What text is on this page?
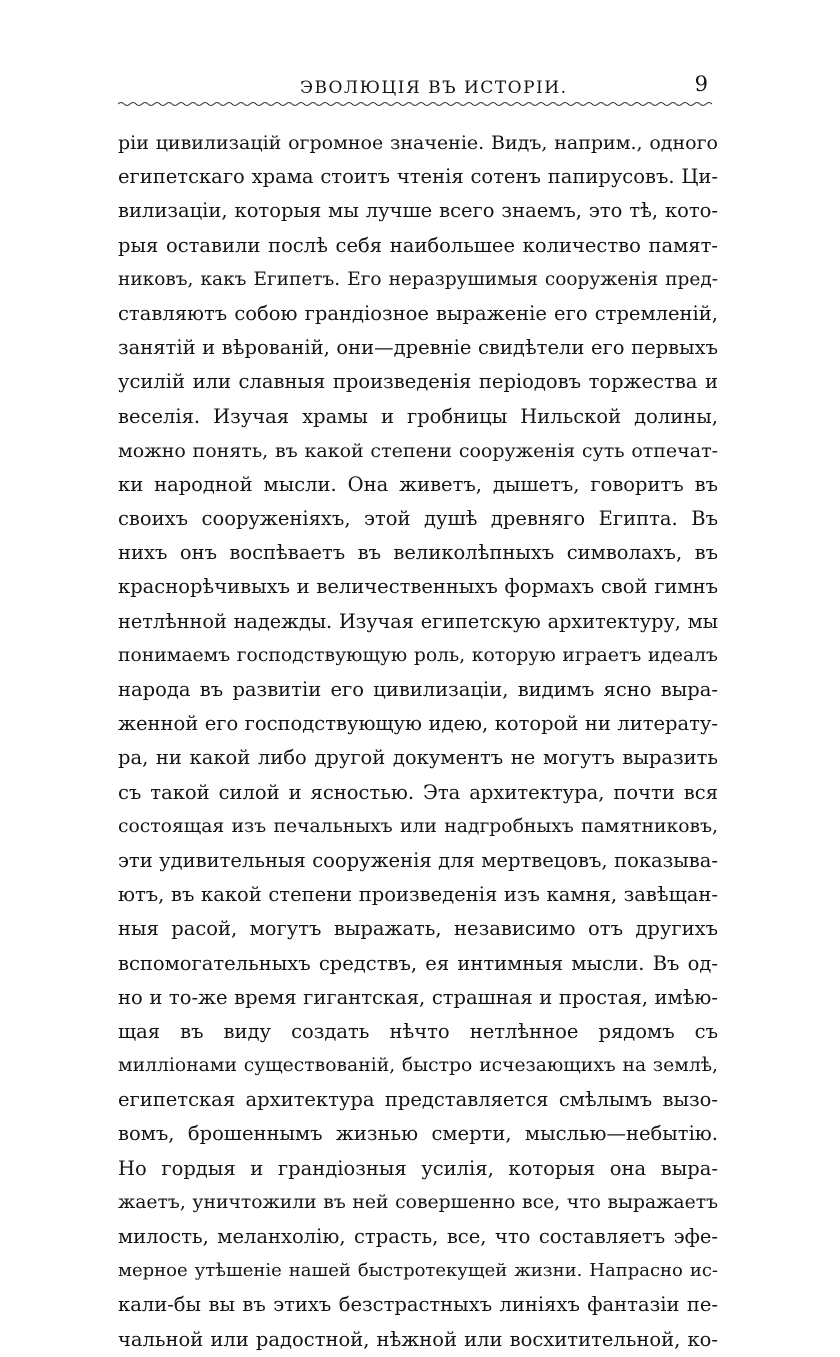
ЭВОЛЮЦІЯ ВЪ ИСТОРІИ.	9
ріи цивилизацій огромное значеніе. Видъ, наприм., одного
египетскаго храма стоитъ чтенія сотенъ папирусовъ. Ци-
вилизаціи, которыя мы лучше всего знаемъ, это тѣ, кото-
рыя оставили послѣ себя наибольшее количество памят-
никовъ, какъ Египетъ. Его неразрушимыя сооруженія пред-
ставляютъ собою грандіозное выраженіе его стремленій,
занятій и вѣрованій, они—древніе свидѣтели его первыхъ
усилій или славныя произведенія періодовъ торжества и
веселія. Изучая храмы и гробницы Нильской долины,
можно понять, въ какой степени сооруженія суть отпечат-
ки народной мысли. Она живетъ, дышетъ, говоритъ въ
своихъ сооруженіяхъ, этой душѣ древняго Египта. Въ
нихъ онъ воспѣваетъ въ великолѣпныхъ символахъ, въ
краснорѣчивыхъ и величественныхъ формахъ свой гимнъ
нетлѣнной надежды. Изучая египетскую архитектуру, мы
понимаемъ господствующую роль, которую играетъ идеалъ
народа въ развитіи его цивилизаціи, видимъ ясно выра-
женной его господствующую идею, которой ни литерату-
ра, ни какой либо другой документъ не могутъ выразить
съ такой силой и ясностью. Эта архитектура, почти вся
состоящая изъ печальныхъ или надгробныхъ памятниковъ,
эти удивительныя сооруженія для мертвецовъ, показыва-
ютъ, въ какой степени произведенія изъ камня, завѣщан-
ныя расой, могутъ выражать, независимо отъ другихъ
вспомогательныхъ средствъ, ея интимныя мысли. Въ од-
но и то-же время гигантская, страшная и простая, имѣю-
щая въ виду создать нѣчто нетлѣнное рядомъ съ
милліонами существованій, быстро исчезающихъ на землѣ,
египетская архитектура представляется смѣлымъ вызо-
вомъ, брошеннымъ жизнью смерти, мыслью—небытію.
Но гордыя и грандіозныя усилія, которыя она выра-
жаетъ, уничтожили въ ней совершенно все, что выражаетъ
милость, меланхолію, страсть, все, что составляетъ эфе-
мерное утѣшеніе нашей быстротекущей жизни. Напрасно ис-
кали-бы вы въ этихъ безстрастныхъ линіяхъ фантазіи пе-
чальной или радостной, нѣжной или восхитительной, ко-
